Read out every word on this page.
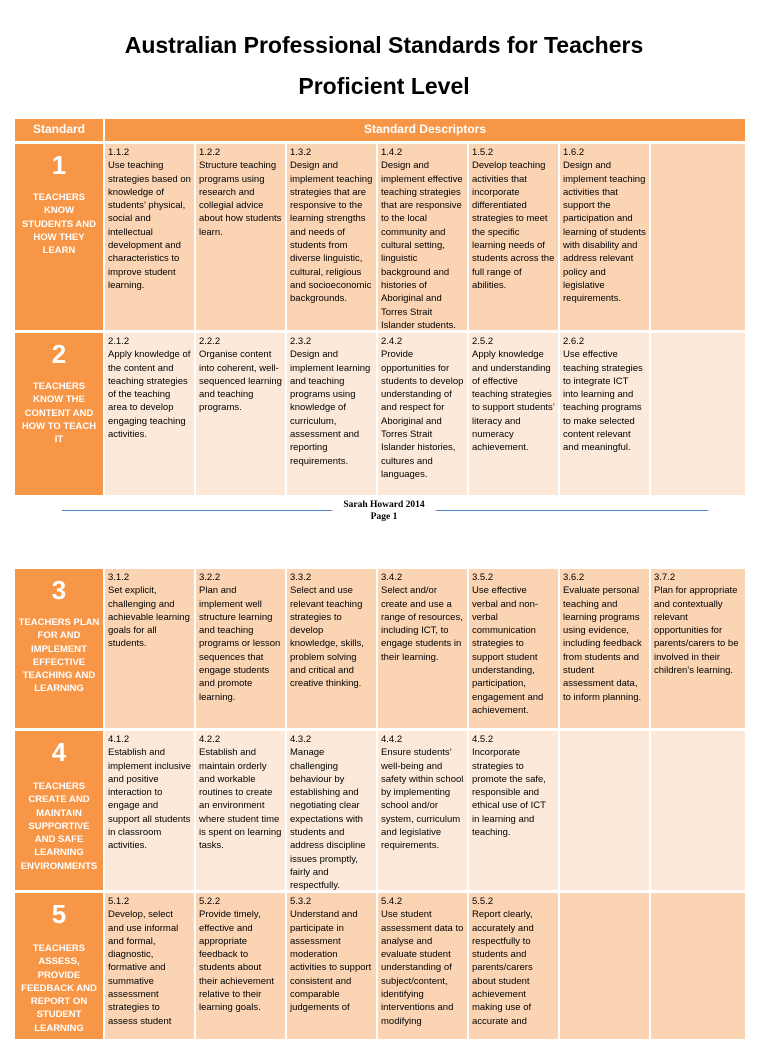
Australian Professional Standards for Teachers
Proficient Level
Standard	Standard Descriptors
1
TEACHERS KNOW STUDENTS AND HOW THEY LEARN
1.1.2
Use teaching strategies based on knowledge of students’ physical, social and intellectual development and characteristics to improve student learning.
1.2.2
Structure teaching programs using research and collegial advice about how students learn.
1.3.2
Design and implement teaching strategies that are responsive to the learning strengths and needs of students from diverse linguistic, cultural, religious and socioeconomic backgrounds.
1.4.2
Design and implement effective teaching strategies that are responsive to the local community and cultural setting, linguistic background and histories of Aboriginal and Torres Strait Islander students.
1.5.2
Develop teaching activities that incorporate differentiated strategies to meet the specific learning needs of students across the full range of abilities.
1.6.2
Design and implement teaching activities that support the participation and learning of students with disability and address relevant policy and legislative requirements.
2
TEACHERS KNOW THE CONTENT AND HOW TO TEACH IT
2.1.2
Apply knowledge of the content and teaching strategies of the teaching area to develop engaging teaching activities.
2.2.2
Organise content into coherent, well-sequenced learning and teaching programs.
2.3.2
Design and implement learning and teaching programs using knowledge of curriculum, assessment and reporting requirements.
2.4.2
Provide opportunities for students to develop understanding of and respect for Aboriginal and Torres Strait Islander histories, cultures and languages.
2.5.2
Apply knowledge and understanding of effective teaching strategies to support students’ literacy and numeracy achievement.
2.6.2
Use effective teaching strategies to integrate ICT into learning and teaching programs to make selected content relevant and meaningful.
Sarah Howard 2014
Page 1
3
TEACHERS PLAN FOR AND IMPLEMENT EFFECTIVE TEACHING AND LEARNING
3.1.2
Set explicit, challenging and achievable learning goals for all students.
3.2.2
Plan and implement well structure learning and teaching programs or lesson sequences that engage students and promote learning.
3.3.2
Select and use relevant teaching strategies to develop knowledge, skills, problem solving and critical and creative thinking.
3.4.2
Select and/or create and use a range of resources, including ICT, to engage students in their learning.
3.5.2
Use effective verbal and non-verbal communication strategies to support student understanding, participation, engagement and achievement.
3.6.2
Evaluate personal teaching and learning programs using evidence, including feedback from students and student assessment data, to inform planning.
3.7.2
Plan for appropriate and contextually relevant opportunities for parents/carers to be involved in their children’s learning.
4
TEACHERS CREATE AND MAINTAIN SUPPORTIVE AND SAFE LEARNING ENVIRONMENTS
4.1.2
Establish and implement inclusive and positive interaction to engage and support all students in classroom activities.
4.2.2
Establish and maintain orderly and workable routines to create an environment where student time is spent on learning tasks.
4.3.2
Manage challenging behaviour by establishing and negotiating clear expectations with students and address discipline issues promptly, fairly and respectfully.
4.4.2
Ensure students’ well-being and safety within school by implementing school and/or system, curriculum and legislative requirements.
4.5.2
Incorporate strategies to promote the safe, responsible and ethical use of ICT in learning and teaching.
5
TEACHERS ASSESS, PROVIDE FEEDBACK AND REPORT ON STUDENT LEARNING
5.1.2
Develop, select and use informal and formal, diagnostic, formative and summative assessment strategies to assess student
5.2.2
Provide timely, effective and appropriate feedback to students about their achievement relative to their learning goals.
5.3.2
Understand and participate in assessment moderation activities to support consistent and comparable judgements of
5.4.2
Use student assessment data to analyse and evaluate student understanding of subject/content, identifying interventions and modifying
5.5.2
Report clearly, accurately and respectfully to students and parents/carers about student achievement making use of accurate and
